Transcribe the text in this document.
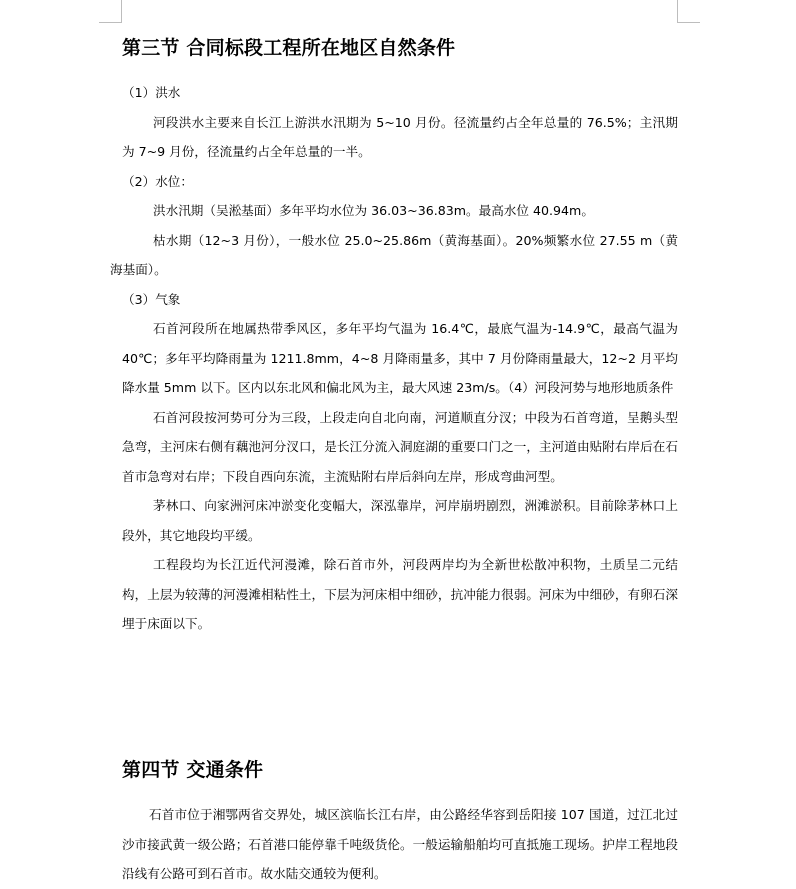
第三节 合同标段工程所在地区自然条件
（1）洪水

河段洪水主要来自长江上游洪水汛期为 5~10 月份。径流量约占全年总量的 76.5%；主汛期为 7~9 月份，径流量约占全年总量的一半。

（2）水位：

洪水汛期（吴淞基面）多年平均水位为 36.03~36.83m。最高水位 40.94m。

枯水期（12~3 月份），一般水位 25.0~25.86m（黄海基面）。20%频繁水位 27.55 m（黄海基面）。

（3）气象

石首河段所在地属热带季风区，多年平均气温为 16.4℃，最底气温为-14.9℃，最高气温为 40℃；多年平均降雨量为 1211.8mm，4~8 月降雨量多，其中 7 月份降雨量最大，12~2 月平均降水量 5mm 以下。区内以东北风和偏北风为主，最大风速 23m/s。（4）河段河势与地形地质条件

石首河段按河势可分为三段，上段走向自北向南，河道顺直分汊；中段为石首弯道，呈鹅头型急弯，主河床右侧有藕池河分汊口，是长江分流入洞庭湖的重要口门之一，主河道由贴附右岸后在石首市急弯对右岸；下段自西向东流，主流贴附右岸后斜向左岸，形成弯曲河型。

茅林口、向家洲河床冲淤变化变幅大，深泓靠岸，河岸崩坍剧烈，洲滩淤积。目前除茅林口上段外，其它地段均平缓。

工程段均为长江近代河漫滩，除石首市外，河段两岸均为全新世松散冲积物，土质呈二元结构，上层为较薄的河漫滩相粘性土，下层为河床相中细砂，抗冲能力很弱。河床为中细砂，有卵石深埋于床面以下。

第四节 交通条件

石首市位于湘鄂两省交界处，城区滨临长江右岸，由公路经华容到岳阳接 107 国道，过江北过沙市接武黄一级公路；石首港口能停靠千吨级货伦。一般运输船舶均可直抵施工现场。护岸工程地段沿线有公路可到石首市。故水陆交通较为便利。
